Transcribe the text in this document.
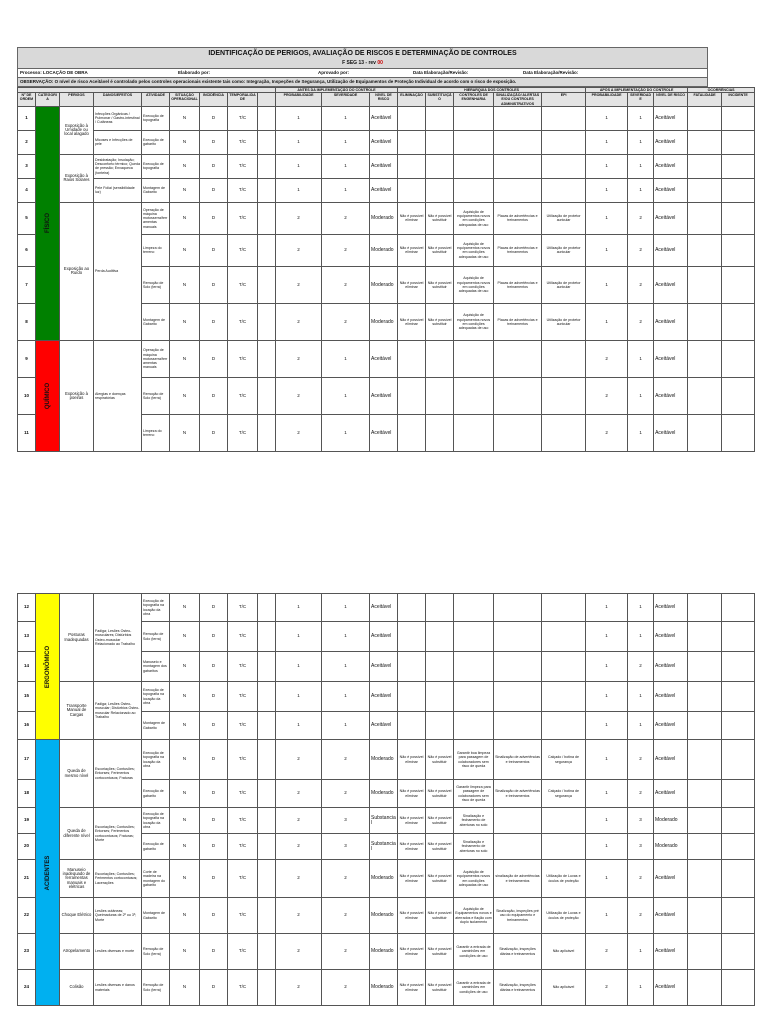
IDENTIFICAÇÃO DE PERIGOS, AVALIAÇÃO DE RISCOS E DETERMINAÇÃO DE CONTROLES
F SEG 13 - rev 00
Processo: LOCAÇÃO DE OBRA	Elaborado por:	Aprovado por:	Data Elaboração/Revisão:	Data Elaboração/Revisão:
OBSERVAÇÃO: O nível de risco Aceitável é controlado pelos controles operacionais existente tais como: Integração, Inspeções de Segurança, Utilização de Equipamentos de Proteção Individual de acordo com o risco de exposição.
									ANTES DA IMPLEMENTAÇÃO DO CONTROLE			HIERARQUIA DOS CONTROLES					APÓS A IMPLEMENTAÇÃO DO CONTROLE			OCORRÊNCIAS	
Nº DE ORDEM	CATEGORIA	PERIGOS	DANOS/EFEITOS	ATIVIDADE	SITUAÇÃO OPERACIONAL	INCIDÊNCIA	TEMPORALIDADE		PROBABILIDADE	SEVERIDADE	NÍVEL DE RISCO	ELIMINAÇÃO	SUBSTITUIÇÃO	CONTROLES DE ENGENHARIA	SINALIZAÇÃO/ ALERTAS E/OU CONTROLES ADMINISTRATIVOS	EPI	PROBABILIDADE	SEVERIDADE	NÍVEL DE RISCO	FATALIDADE	INCIDENTE
1	FÍSICO	Exposição à Umidade ou local alagado	Infecções Orgânicas / Pulmonar / Gastro-intestinal / Cutâneas	Execução de topografia	N	D	T/C		1	1	Aceitável						1	1	Aceitável		
2			Micoses e Infecções de pele	Execução de gabarito	N	D	T/C		1	1	Aceitável						1	1	Aceitável		
3		Exposição à Raios Solares	Desidratação; Insolação; Desconforto térmico; Queda de pressão; Enxaqueca (tonteira)	Execução de topografia	N	D	T/C		1	1	Aceitável						1	1	Aceitável		
4			Pele Foliai (sensibilidade luz)	Montagem de Gabarito	N	D	T/C		1	1	Aceitável						1	1	Aceitável		
5		Exposição ao Ruído	Perda Auditiva	Operação de máquina motosserra/ferramentas manuais	N	D	T/C		2	2	Moderado	Não é possível eliminar	Não é possível substituir	Aquisição de equipamentos novos em condições adequadas de uso	Placas de advertências e treinamentos	Utilização de protetor auricular	1	2	Aceitável		
6				Limpeza do terreno	N	D	T/C		2	2	Moderado	Não é possível eliminar	Não é possível substituir	Aquisição de equipamentos novos em condições adequadas de uso	Placas de advertências e treinamentos	Utilização de protetor auricular	1	2	Aceitável		
7				Remoção de Solo (terra)	N	D	T/C		2	2	Moderado	Não é possível eliminar	Não é possível substituir	Aquisição de equipamentos novos em condições adequadas de uso	Placas de advertências e treinamentos	Utilização de protetor auricular	1	2	Aceitável		
8				Montagem de Gabarito	N	D	T/C		2	2	Moderado	Não é possível eliminar	Não é possível substituir	Aquisição de equipamentos novos em condições adequadas de uso	Placas de advertências e treinamentos	Utilização de protetor auricular	1	2	Aceitável		
9	QUÍMICO	Exposição à poeiras	Alergias e doenças respiratórias	Operação de máquina motosserra/ferramentas manuais	N	D	T/C		2	1	Aceitável						2	1	Aceitável		
10				Remoção de Solo (terra)	N	D	T/C		2	1	Aceitável						2	1	Aceitável		
11				Limpeza do terreno	N	D	T/C		2	1	Aceitável						2	1	Aceitável		
12	ERGONÔMICO	Posturas Inadequadas	Fadiga; Lesões Osteo-musculares; Distúrbios Osteo-muscular Relacionado ao Trabalho	Execução de topografia na locação da obra	N	D	T/C		1	1	Aceitável						1	1	Aceitável		
13				Remoção de Solo (terra)	N	D	T/C		1	1	Aceitável						1	1	Aceitável		
14				Manuseio e montagem dos gabaritos	N	D	T/C		1	1	Aceitável						1	2	Aceitável		
15		Transporte Manual de Cargas	Fadiga; Lesões Osteo-muscular; Distúrbios Osteo-muscular Relacionado ao Trabalho	Execução de topografia na locação da obra	N	D	T/C		1	1	Aceitável						1	1	Aceitável		
16				Montagem de Gabarito	N	D	T/C		1	1	Aceitável						1	1	Aceitável		
17	ACIDENTES	Queda de mesmo nível	Escoriações; Contusões; Entorses; Ferimentos cortocontusos; Fraturas	Execução de topografia na locação da obra	N	D	T/C		2	2	Moderado	Não é possível eliminar	Não é possível substituir	Garantir boa limpeza para passagem de colaboradores sem risco de queda	Sinalização de advertências e treinamentos	Calçado / botina de segurança	1	2	Aceitável		
18				Execução de gabarito	N	D	T/C		2	2	Moderado	Não é possível eliminar	Não é possível substituir	Garantir limpeza para passagem de colaboradores sem risco de queda	Sinalização de advertências e treinamentos	Calçado / botina de segurança	1	2	Aceitável		
19		Queda de diferente nível	Escoriações; Contusões; Entorses; Ferimentos cortocontusos; Fraturas; Morte	Execução de topografia na locação da obra	N	D	T/C		2	3	Substancial	Não é possível eliminar	Não é possível substituir	Sinalização e fechamento de aberturas no solo			1	3	Moderado		
20				Execução de gabarito	N	D	T/C		2	3	Substancial	Não é possível eliminar	Não é possível substituir	Sinalização e fechamento de aberturas no solo			1	3	Moderado		
21		Manuseio inadequado de ferramentas manuais e elétricas	Escoriações; Contusões; Ferimentos cortocontusos; Lacerações	Corte de madeira na montagem do gabarito	N	D	T/C		2	2	Moderado	Não é possível eliminar	Não é possível substituir	Aquisição de equipamentos novos em condições adequadas de uso	sinalização de advertências e treinamentos	Utilização de Luvas e óculos de proteção	1	2	Aceitável		
22		Choque Elétrico	Lesões cutâneas; Queimaduras de 2º ou 3º; Morte	Montagem de Gabarito	N	D	T/C		2	2	Moderado	Não é possível eliminar	Não é possível substituir	Aquisição de Equipamentos novos e aterrados e fiação com duplo isolamento	Sinalização, inspeções pré uso do equipamento e treinamentos	Utilização de Luvas e óculos de proteção	1	2	Aceitável		
23		Atropelamento	Lesões diversas e morte	Remoção de Solo (terra)	N	D	T/C		2	2	Moderado	Não é possível eliminar	Não é possível substituir	Garantir a entrada de caminhões em condições de uso	Sinalização, inspeções diárias e treinamentos	Não aplicável	2	1	Aceitável		
24		Colisão	Lesões diversas e danos materiais	Remoção de Solo (terra)	N	D	T/C		2	2	Moderado	Não é possível eliminar	Não é possível substituir	Garantir a entrada de caminhões em condições de uso	Sinalização, inspeções diárias e treinamentos	Não aplicável	2	1	Aceitável		
